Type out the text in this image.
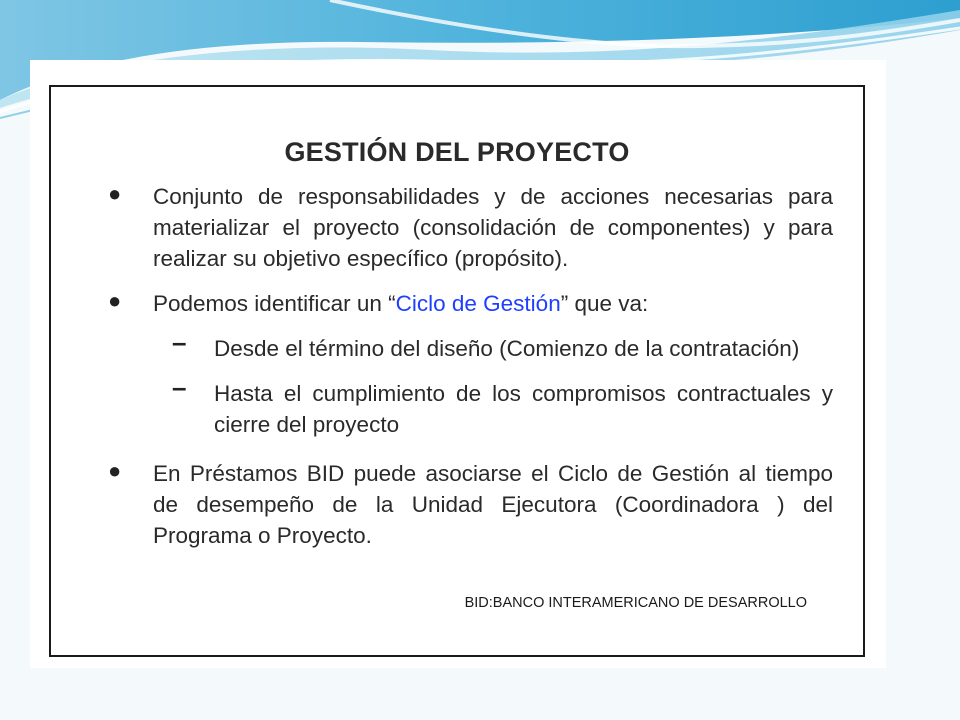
GESTIÓN DEL PROYECTO
● Conjunto de responsabilidades y de acciones necesarias para materializar el proyecto (consolidación de componentes) y para realizar su objetivo específico (propósito).
● Podemos identificar un “Ciclo de Gestión” que va:
– Desde el término del diseño (Comienzo de la contratación)
– Hasta el cumplimiento de los compromisos contractuales y cierre del proyecto
● En Préstamos BID puede asociarse el Ciclo de Gestión al tiempo de desempeño de la Unidad Ejecutora (Coordinadora ) del Programa o Proyecto.
BID:BANCO INTERAMERICANO DE DESARROLLO
